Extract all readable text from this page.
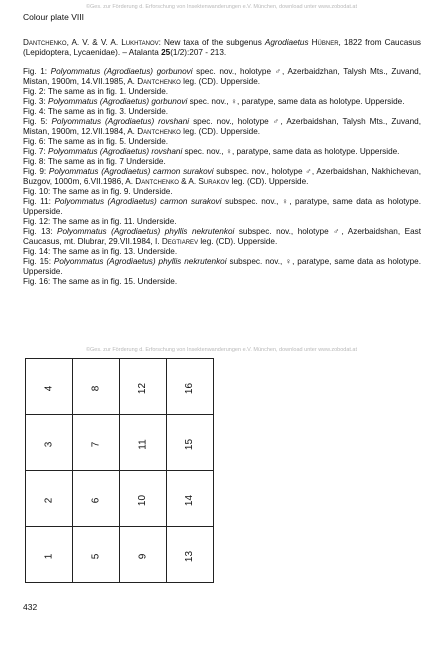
©Ges. zur Förderung d. Erforschung von Insektenwanderungen e.V. München, download unter www.zobodat.at
Colour plate VIII

Dantchenko, A. V. & V. A. Lukhtanov: New taxa of the subgenus Agrodiaetus Hübner, 1822 from Caucasus (Lepidoptera, Lycaenidae). – Atalanta 25(1/2):207 - 213.

Fig. 1: Polyommatus (Agrodiaetus) gorbunovi spec. nov., holotype ♂, Azerbaidzhan, Talysh Mts., Zuvand, Mistan, 1900m, 14.VII.1985, A. Dantchenko leg. (CD). Upperside.

Fig. 2: The same as in fig. 1. Underside.

Fig. 3: Polyommatus (Agrodiaetus) gorbunovi spec. nov., ♀, paratype, same data as holotype. Upperside.

Fig. 4: The same as in fig. 3. Underside.

Fig. 5: Polyommatus (Agrodiaetus) rovshani spec. nov., holotype ♂, Azerbaidshan, Talysh Mts., Zuvand, Mistan, 1900m, 12.VII.1984, A. Dantchenko leg. (CD). Upperside.

Fig. 6: The same as in fig. 5. Underside.

Fig. 7: Polyommatus (Agrodiaetus) rovshani spec. nov., ♀, paratype, same data as holotype. Upperside.

Fig. 8: The same as in fig. 7 Underside.

Fig. 9: Polyommatus (Agrodiaetus) carmon surakovi subspec. nov., holotype ♂, Azerbaidshan, Nakhichevan, Buzgov, 1000m, 6.VII.1986, A. Dantchenko & A. Surakov leg. (CD). Upperside.

Fig. 10: The same as in fig. 9. Underside.

Fig. 11: Polyommatus (Agrodiaetus) carmon surakovi subspec. nov., ♀, paratype, same data as holotype. Upperside.

Fig. 12: The same as in fig. 11. Underside.

Fig. 13: Polyommatus (Agrodiaetus) phyllis nekrutenkoi subspec. nov., holotype ♂, Azerbaidshan, East Caucasus, mt. Dlubrar, 29.VII.1984, I. Degtiarev leg. (CD). Upperside.

Fig. 14: The same as in fig. 13. Underside.

Fig. 15: Polyommatus (Agrodiaetus) phyllis nekrutenkoi subspec. nov., ♀, paratype, same data as holotype. Upperside.

Fig. 16: The same as in fig. 15. Underside.

©Ges. zur Förderung d. Erforschung von Insektenwanderungen e.V. München, download unter www.zobodat.at
4	8	12	16
3	7	11	15
2	6	10	14
1	5	9	13
432
